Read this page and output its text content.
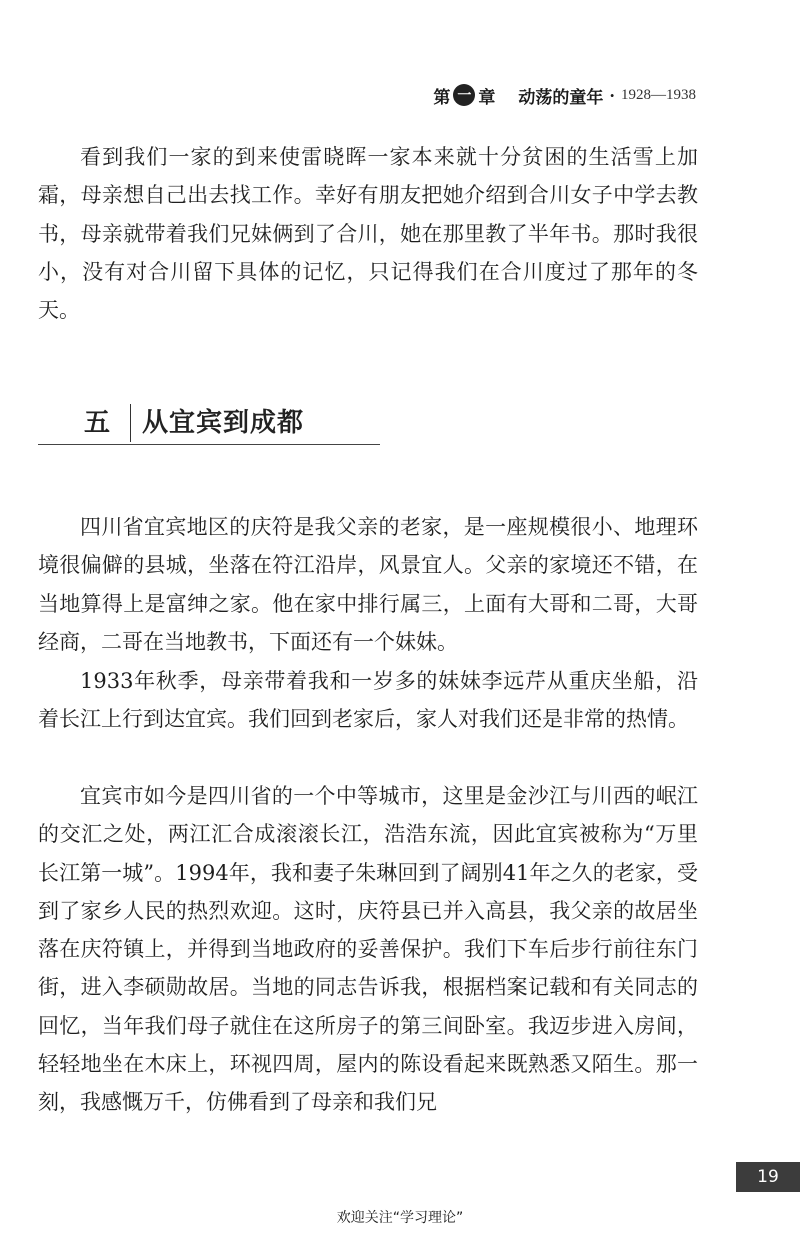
第 一 章 动荡的童年 · 1928—1938

看到我们一家的到来使雷晓晖一家本来就十分贫困的生活雪上加霜，母亲想自己出去找工作。幸好有朋友把她介绍到合川女子中学去教书，母亲就带着我们兄妹俩到了合川，她在那里教了半年书。那时我很小，没有对合川留下具体的记忆，只记得我们在合川度过了那年的冬天。

五 从宜宾到成都

四川省宜宾地区的庆符是我父亲的老家，是一座规模很小、地理环境很偏僻的县城，坐落在符江沿岸，风景宜人。父亲的家境还不错，在当地算得上是富绅之家。他在家中排行属三，上面有大哥和二哥，大哥经商，二哥在当地教书，下面还有一个妹妹。

1933年秋季，母亲带着我和一岁多的妹妹李远芹从重庆坐船，沿着长江上行到达宜宾。我们回到老家后，家人对我们还是非常的热情。

宜宾市如今是四川省的一个中等城市，这里是金沙江与川西的岷江的交汇之处，两江汇合成滚滚长江，浩浩东流，因此宜宾被称为“万里长江第一城”。1994年，我和妻子朱琳回到了阔别41年之久的老家，受到了家乡人民的热烈欢迎。这时，庆符县已并入高县，我父亲的故居坐落在庆符镇上，并得到当地政府的妥善保护。我们下车后步行前往东门街，进入李硕勋故居。当地的同志告诉我，根据档案记载和有关同志的回忆，当年我们母子就住在这所房子的第三间卧室。我迈步进入房间，轻轻地坐在木床上，环视四周，屋内的陈设看起来既熟悉又陌生。那一刻，我感慨万千，仿佛看到了母亲和我们兄

19
欢迎关注“学习理论”
